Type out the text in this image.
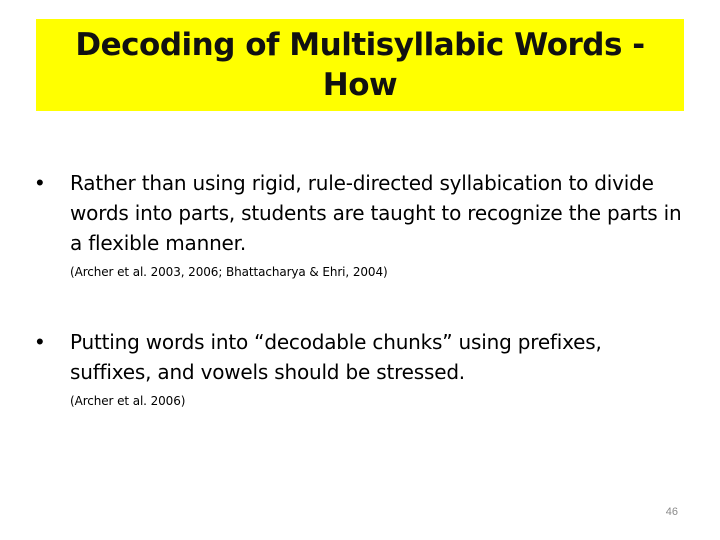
Decoding of Multisyllabic Words - How
•	Rather than using rigid, rule-directed syllabication to divide words into parts, students are taught to recognize the parts in a flexible manner.
(Archer et al. 2003, 2006; Bhattacharya & Ehri, 2004)
•	Putting words into “decodable chunks” using prefixes, suffixes, and vowels should be stressed.
(Archer et al. 2006)
46
